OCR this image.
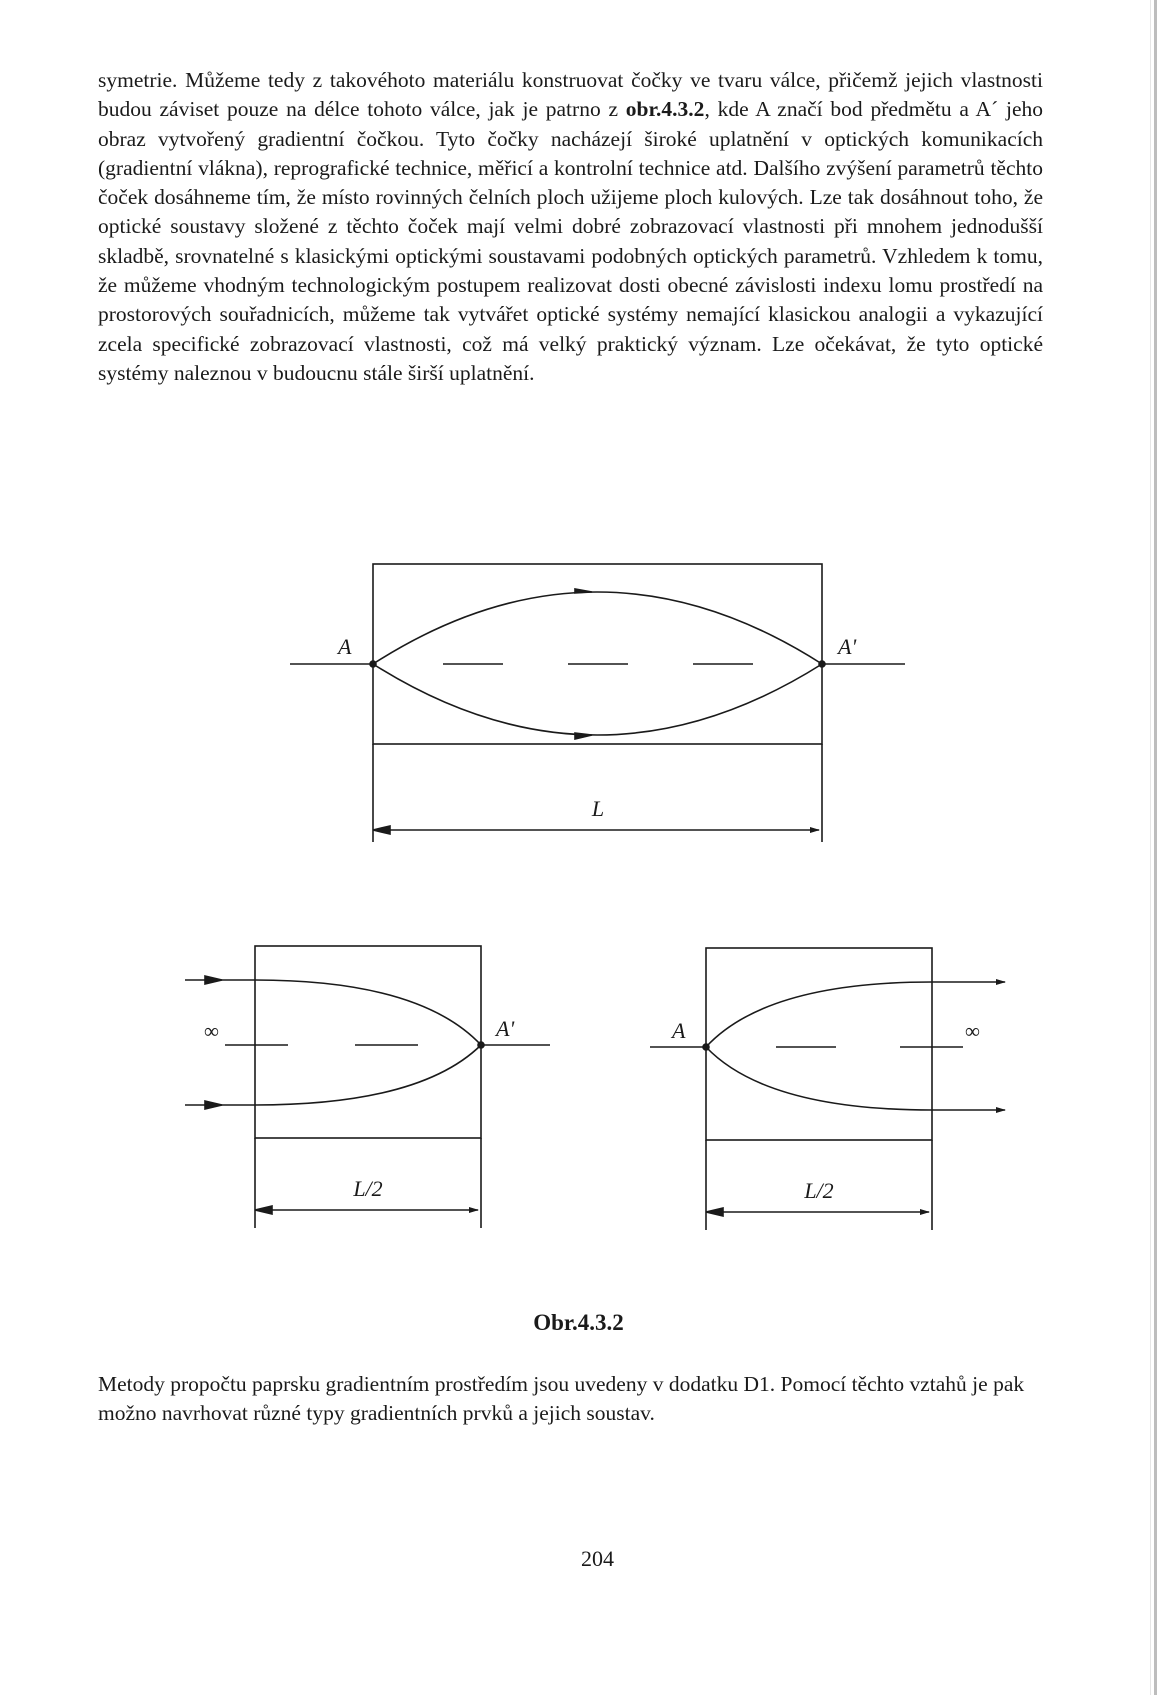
symetrie. Můžeme tedy z takovéhoto materiálu konstruovat čočky ve tvaru válce, přičemž jejich vlastnosti budou záviset pouze na délce tohoto válce, jak je patrno z obr.4.3.2, kde A značí bod předmětu a A´ jeho obraz vytvořený gradientní čočkou. Tyto čočky nacházejí široké uplatnění v optických komunikacích (gradientní vlákna), reprografické technice, měřicí a kontrolní technice atd. Dalšího zvýšení parametrů těchto čoček dosáhneme tím, že místo rovinných čelních ploch užijeme ploch kulových. Lze tak dosáhnout toho, že optické soustavy složené z těchto čoček mají velmi dobré zobrazovací vlastnosti při mnohem jednodušší skladbě, srovnatelné s klasickými optickými soustavami podobných optických parametrů. Vzhledem k tomu, že můžeme vhodným technologickým postupem realizovat dosti obecné závislosti indexu lomu prostředí na prostorových souřadnicích, můžeme tak vytvářet optické systémy nemající klasickou analogii a vykazující zcela specifické zobrazovací vlastnosti, což má velký praktický význam. Lze očekávat, že tyto optické systémy naleznou v budoucnu stále širší uplatnění.

A	A'
L
∞	A'
L/2
A	∞
L/2
Obr.4.3.2

Metody propočtu paprsku gradientním prostředím jsou uvedeny v dodatku D1. Pomocí těchto vztahů je pak možno navrhovat různé typy gradientních prvků a jejich soustav.

204
